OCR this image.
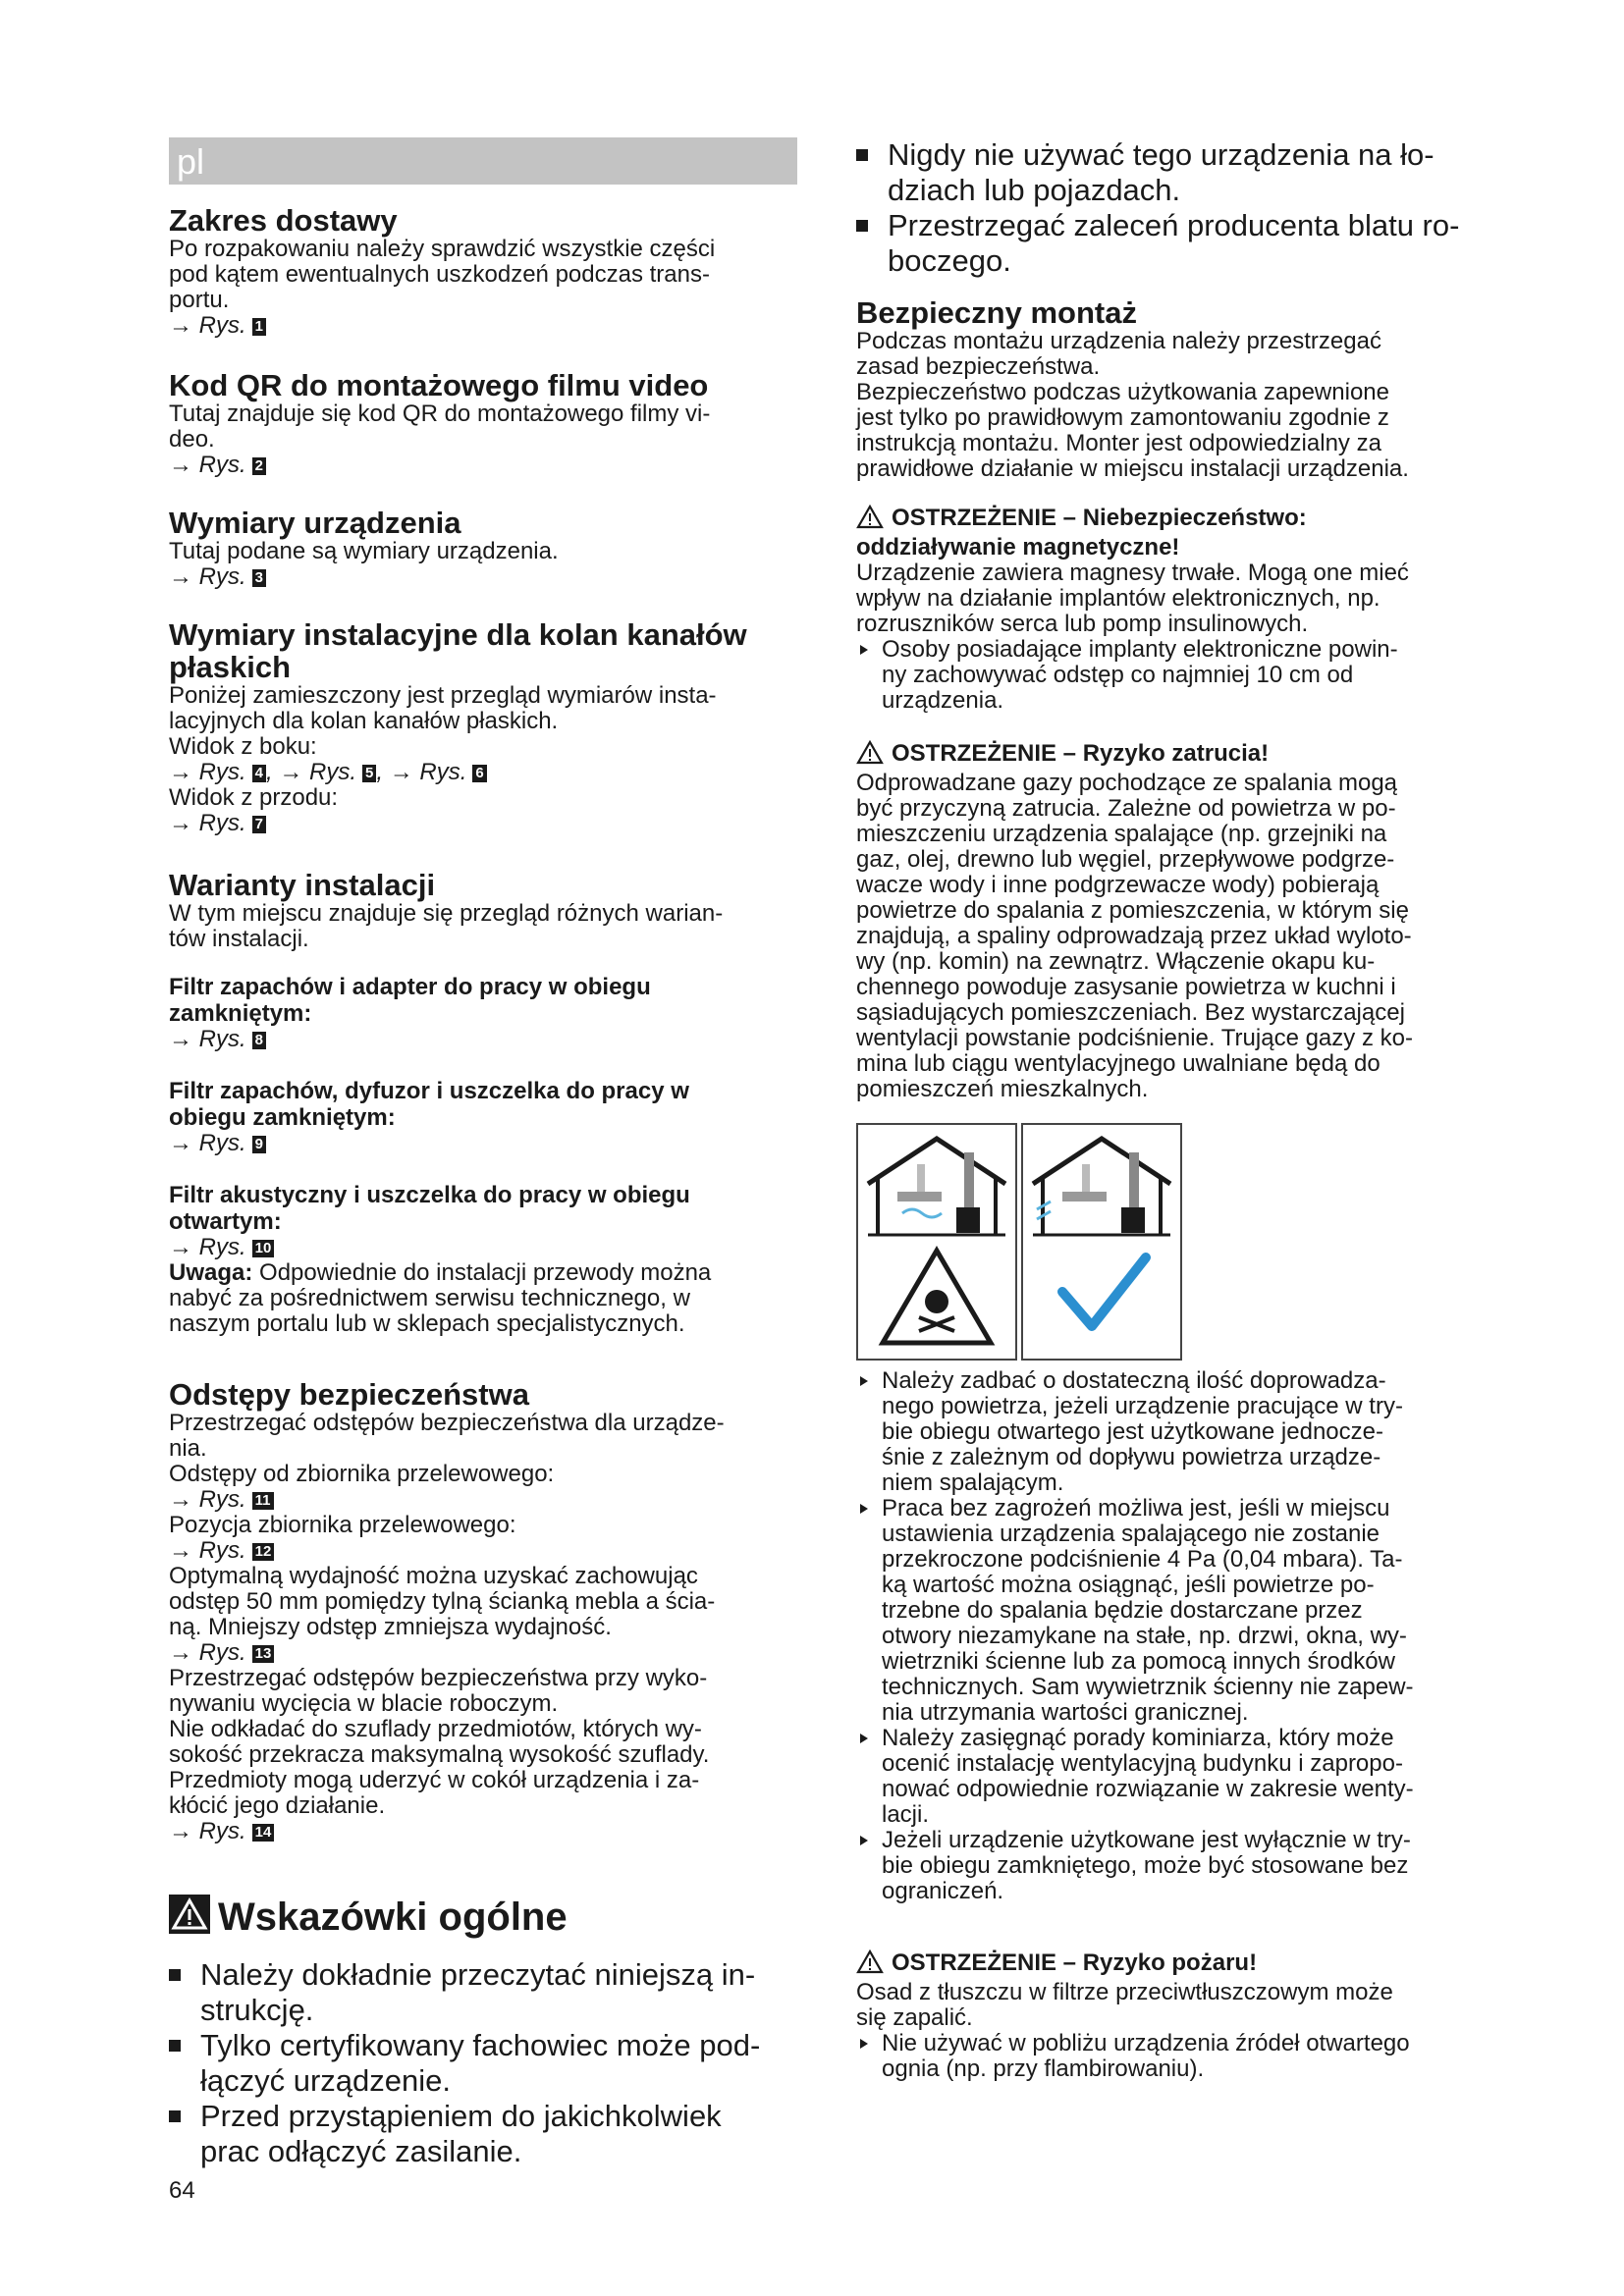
pl
Zakres dostawy

Po rozpakowaniu należy sprawdzić wszystkie części

pod kątem ewentualnych uszkodzeń podczas trans-

portu.

→ Rys. 1
Kod QR do montażowego filmu video

Tutaj znajduje się kod QR do montażowego filmy vi-

deo.

→ Rys. 2
Wymiary urządzenia

Tutaj podane są wymiary urządzenia.

→ Rys. 3
Wymiary instalacyjne dla kolan kanałów
płaskich

Poniżej zamieszczony jest przegląd wymiarów insta-

lacyjnych dla kolan kanałów płaskich.

Widok z boku:

→ Rys. 4 , → Rys. 5 , → Rys. 6

Widok z przodu:

→ Rys. 7
Warianty instalacji

W tym miejscu znajduje się przegląd różnych warian-

tów instalacji.

Filtr zapachów i adapter do pracy w obiegu
zamkniętym:
→ Rys. 8
Filtr zapachów, dyfuzor i uszczelka do pracy w
obiegu zamkniętym:
→ Rys. 9
Filtr akustyczny i uszczelka do pracy w obiegu
otwartym:
→ Rys. 10

Uwaga: Odpowiednie do instalacji przewody można

nabyć za pośrednictwem serwisu technicznego, w

naszym portalu lub w sklepach specjalistycznych.

Odstępy bezpieczeństwa

Przestrzegać odstępów bezpieczeństwa dla urządze-

nia.

Odstępy od zbiornika przelewowego:

→ Rys. 11

Pozycja zbiornika przelewowego:

→ Rys. 12

Optymalną wydajność można uzyskać zachowując

odstęp 50 mm pomiędzy tylną ścianką mebla a ścia-

ną. Mniejszy odstęp zmniejsza wydajność.

→ Rys. 13

Przestrzegać odstępów bezpieczeństwa przy wyko-

nywaniu wycięcia w blacie roboczym.

Nie odkładać do szuflady przedmiotów, których wy-

sokość przekracza maksymalną wysokość szuflady.

Przedmioty mogą uderzyć w cokół urządzenia i za-

kłócić jego działanie.

→ Rys. 14
Wskazówki ogólne
Należy dokładnie przeczytać niniejszą in-
strukcję.
Tylko certyfikowany fachowiec może pod-
łączyć urządzenie.
Przed przystąpieniem do jakichkolwiek
prac odłączyć zasilanie.
64
Nigdy nie używać tego urządzenia na ło-
dziach lub pojazdach.
Przestrzegać zaleceń producenta blatu ro-
boczego.
Bezpieczny montaż

Podczas montażu urządzenia należy przestrzegać

zasad bezpieczeństwa.

Bezpieczeństwo podczas użytkowania zapewnione

jest tylko po prawidłowym zamontowaniu zgodnie z

instrukcją montażu. Monter jest odpowiedzialny za

prawidłowe działanie w miejscu instalacji urządzenia.

OSTRZEŻENIE – Niebezpieczeństwo:
oddziaływanie magnetyczne!

Urządzenie zawiera magnesy trwałe. Mogą one mieć

wpływ na działanie implantów elektronicznych, np.

rozruszników serca lub pomp insulinowych.

Osoby posiadające implanty elektroniczne powin-
ny zachowywać odstęp co najmniej 10 cm od
urządzenia.
OSTRZEŻENIE – Ryzyko zatrucia!

Odprowadzane gazy pochodzące ze spalania mogą

być przyczyną zatrucia. Zależne od powietrza w po-

mieszczeniu urządzenia spalające (np. grzejniki na

gaz, olej, drewno lub węgiel, przepływowe podgrze-

wacze wody i inne podgrzewacze wody) pobierają

powietrze do spalania z pomieszczenia, w którym się

znajdują, a spaliny odprowadzają przez układ wyloto-

wy (np. komin) na zewnątrz. Włączenie okapu ku-

chennego powoduje zasysanie powietrza w kuchni i

sąsiadujących pomieszczeniach. Bez wystarczającej

wentylacji powstanie podciśnienie. Trujące gazy z ko-

mina lub ciągu wentylacyjnego uwalniane będą do

pomieszczeń mieszkalnych.

Należy zadbać o dostateczną ilość doprowadza-
nego powietrza, jeżeli urządzenie pracujące w try-
bie obiegu otwartego jest użytkowane jednocze-
śnie z zależnym od dopływu powietrza urządze-
niem spalającym.
Praca bez zagrożeń możliwa jest, jeśli w miejscu
ustawienia urządzenia spalającego nie zostanie
przekroczone podciśnienie 4 Pa (0,04 mbara). Ta-
ką wartość można osiągnąć, jeśli powietrze po-
trzebne do spalania będzie dostarczane przez
otwory niezamykane na stałe, np. drzwi, okna, wy-
wietrzniki ścienne lub za pomocą innych środków
technicznych. Sam wywietrznik ścienny nie zapew-
nia utrzymania wartości granicznej.
Należy zasięgnąć porady kominiarza, który może
ocenić instalację wentylacyjną budynku i zapropo-
nować odpowiednie rozwiązanie w zakresie wenty-
lacji.
Jeżeli urządzenie użytkowane jest wyłącznie w try-
bie obiegu zamkniętego, może być stosowane bez
ograniczeń.
OSTRZEŻENIE – Ryzyko pożaru!

Osad z tłuszczu w filtrze przeciwtłuszczowym może

się zapalić.

Nie używać w pobliżu urządzenia źródeł otwartego
ognia (np. przy flambirowaniu).
